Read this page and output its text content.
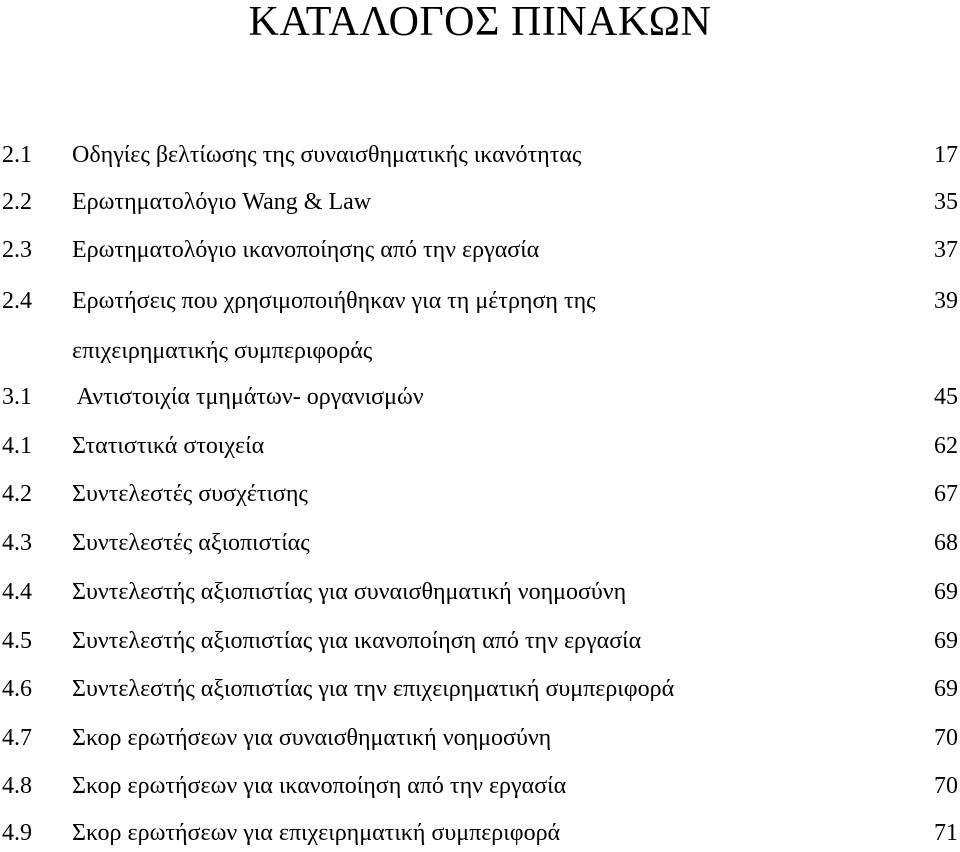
ΚΑΤΑΛΟΓΟΣ ΠΙΝΑΚΩΝ
2.1 Οδηγίες βελτίωσης της συναισθηματικής ικανότητας	17
2.2 Ερωτηματολόγιο Wang & Law	35
2.3 Ερωτηματολόγιο ικανοποίησης από την εργασία	37
2.4 Ερωτήσεις που χρησιμοποιήθηκαν για τη μέτρηση της	39
επιχειρηματικής συμπεριφοράς
3.1 Αντιστοιχία τμημάτων- οργανισμών	45
4.1 Στατιστικά στοιχεία	62
4.2 Συντελεστές συσχέτισης	67
4.3 Συντελεστές αξιοπιστίας	68
4.4 Συντελεστής αξιοπιστίας για συναισθηματική νοημοσύνη	69
4.5 Συντελεστής αξιοπιστίας για ικανοποίηση από την εργασία	69
4.6 Συντελεστής αξιοπιστίας για την επιχειρηματική συμπεριφορά	69
4.7 Σκορ ερωτήσεων για συναισθηματική νοημοσύνη	70
4.8 Σκορ ερωτήσεων για ικανοποίηση από την εργασία	70
4.9 Σκορ ερωτήσεων για επιχειρηματική συμπεριφορά	71
